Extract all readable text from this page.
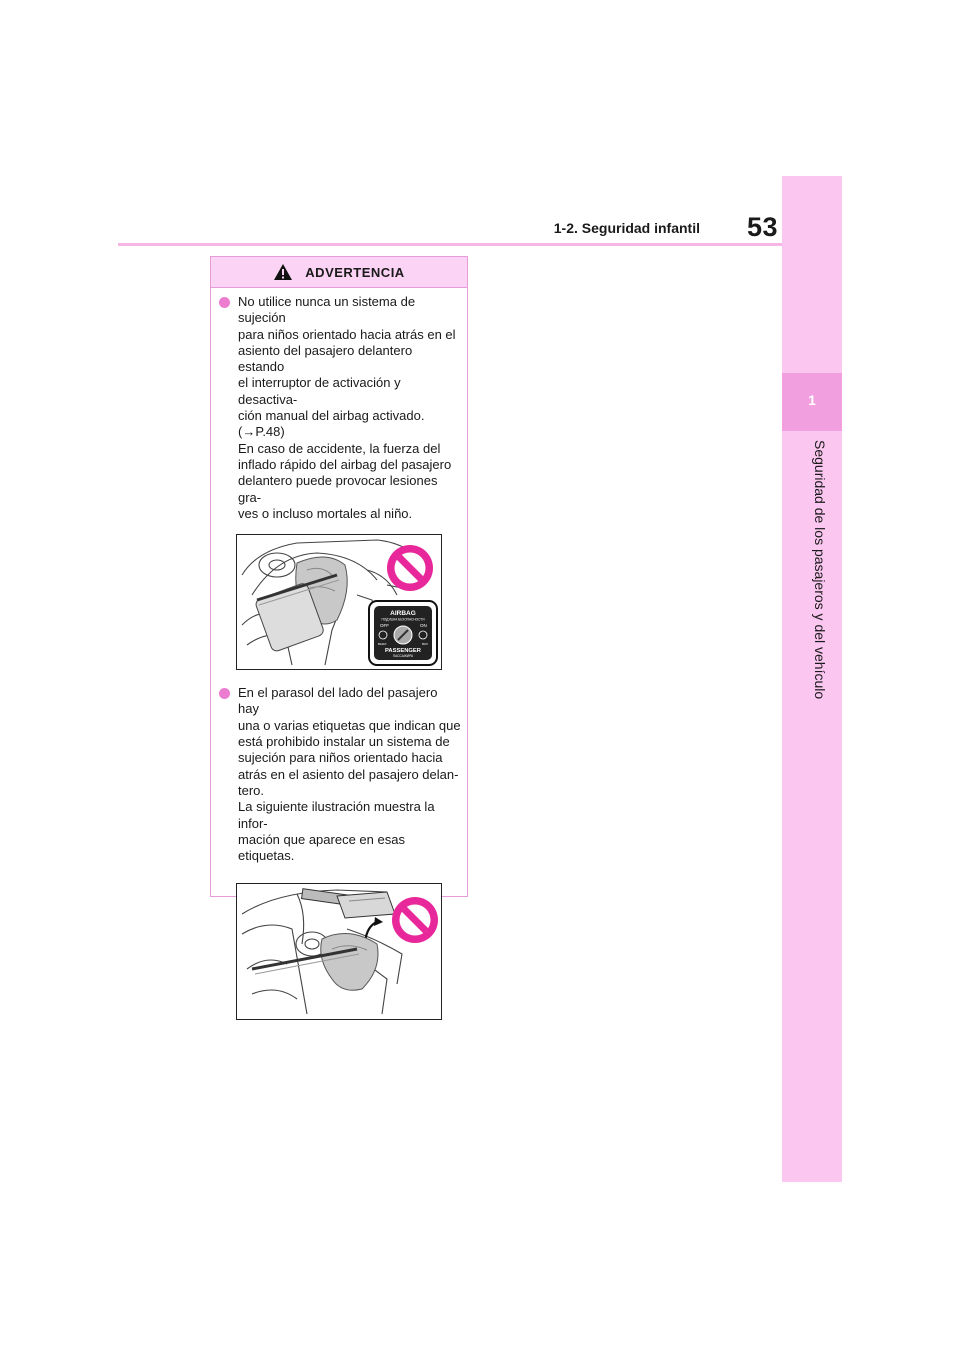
1
Seguridad de los pasajeros y del vehículo
53
1-2. Seguridad infantil
ADVERTENCIA
No utilice nunca un sistema de sujeción
para niños orientado hacia atrás en el
asiento del pasajero delantero estando
el interruptor de activación y desactiva-
ción manual del airbag activado.
(→P.48)
En caso de accidente, la fuerza del
inflado rápido del airbag del pasajero
delantero puede provocar lesiones gra-
ves o incluso mortales al niño.
AIRBAG
ПОДУШКА БЕЗОПАСНОСТИ
OFF	ON
ВЫКЛ	ВКЛ
PASSENGER
ПАССАЖИРА
En el parasol del lado del pasajero hay
una o varias etiquetas que indican que
está prohibido instalar un sistema de
sujeción para niños orientado hacia
atrás en el asiento del pasajero delan-
tero.
La siguiente ilustración muestra la infor-
mación que aparece en esas etiquetas.
